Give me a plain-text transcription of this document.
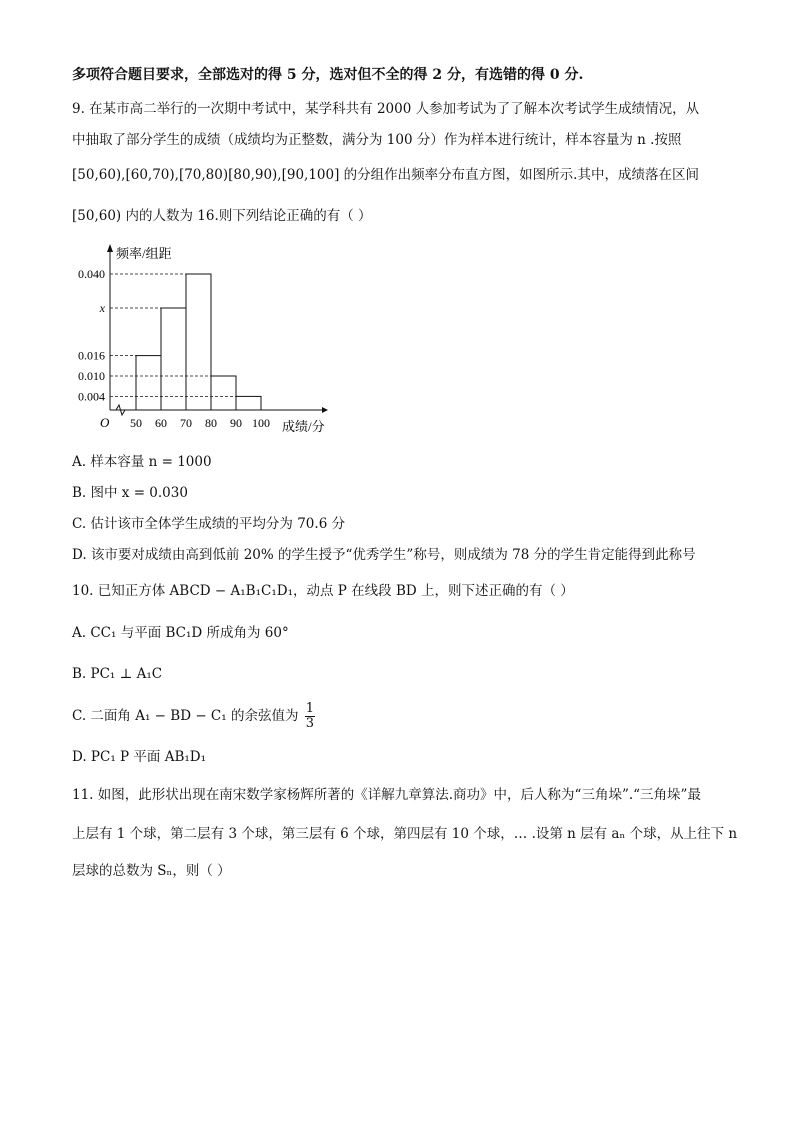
多项符合题目要求，全部选对的得 5 分，选对但不全的得 2 分，有选错的得 0 分.
9. 在某市高二举行的一次期中考试中，某学科共有 2000 人参加考试为了了解本次考试学生成绩情况，从
中抽取了部分学生的成绩（成绩均为正整数，满分为 100 分）作为样本进行统计，样本容量为 n .按照
[50,60),[60,70),[70,80)[80,90),[90,100] 的分组作出频率分布直方图，如图所示.其中，成绩落在区间
[50,60) 内的人数为 16.则下列结论正确的有（ ）
0.040
x
0.016
0.010
0.004
50 60 70 80 90 100
O
频率/组距
成绩/分
A. 样本容量 n = 1000
B. 图中 x = 0.030
C. 估计该市全体学生成绩的平均分为 70.6 分
D. 该市要对成绩由高到低前 20% 的学生授予“优秀学生”称号，则成绩为 78 分的学生肯定能得到此称号
10. 已知正方体 ABCD − A₁B₁C₁D₁，动点 P 在线段 BD 上，则下述正确的有（ ）
A. CC₁ 与平面 BC₁D 所成角为 60°
B. PC₁ ⊥ A₁C
C. 二面角 A₁ − BD − C₁ 的余弦值为 $\frac{1}{3}$
D. PC₁ P 平面 AB₁D₁
11. 如图，此形状出现在南宋数学家杨辉所著的《详解九章算法.商功》中，后人称为“三角垛”.“三角垛”最
上层有 1 个球，第二层有 3 个球，第三层有 6 个球，第四层有 10 个球，… .设第 n 层有 aₙ 个球，从上往下 n
层球的总数为 Sₙ，则（ ）
